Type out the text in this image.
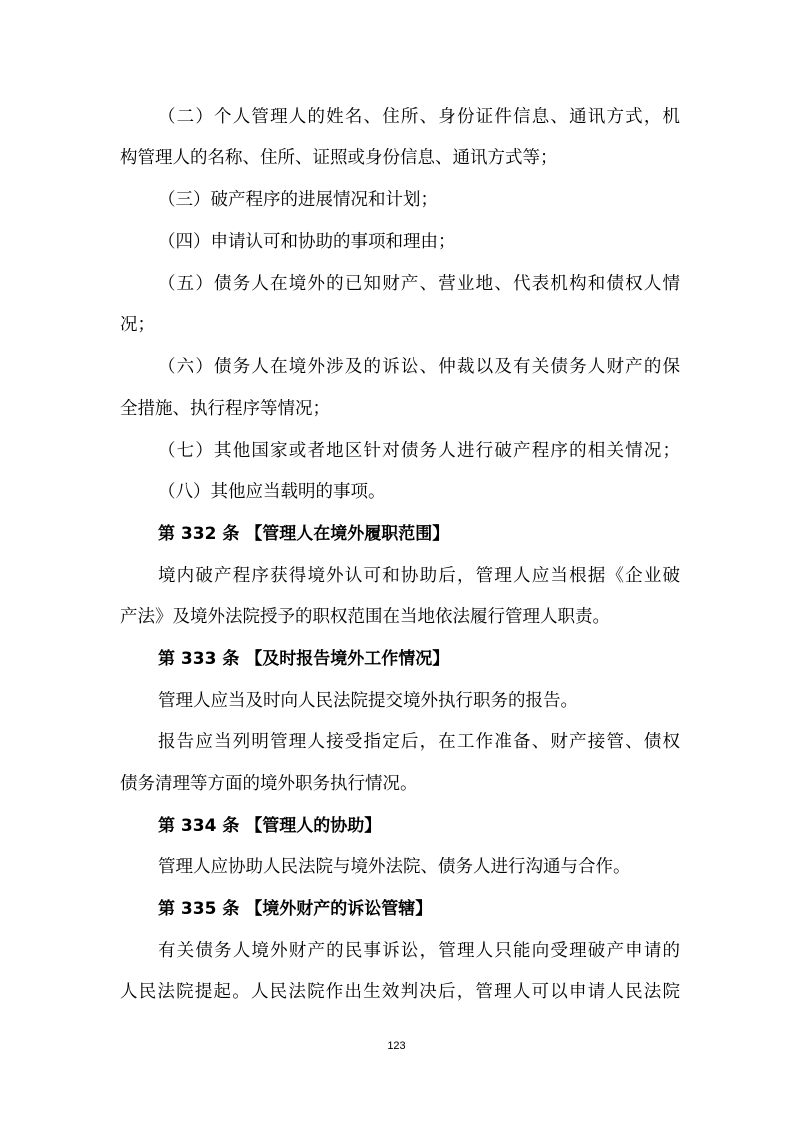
（二）个人管理人的姓名、住所、身份证件信息、通讯方式，机
构管理人的名称、住所、证照或身份信息、通讯方式等；
（三）破产程序的进展情况和计划；
（四）申请认可和协助的事项和理由；
（五）债务人在境外的已知财产、营业地、代表机构和债权人情
况；
（六）债务人在境外涉及的诉讼、仲裁以及有关债务人财产的保
全措施、执行程序等情况；
（七）其他国家或者地区针对债务人进行破产程序的相关情况；
（八）其他应当载明的事项。
第 332 条 【管理人在境外履职范围】
境内破产程序获得境外认可和协助后，管理人应当根据《企业破
产法》及境外法院授予的职权范围在当地依法履行管理人职责。
第 333 条 【及时报告境外工作情况】
管理人应当及时向人民法院提交境外执行职务的报告。
报告应当列明管理人接受指定后，在工作准备、财产接管、债权
债务清理等方面的境外职务执行情况。
第 334 条 【管理人的协助】
管理人应协助人民法院与境外法院、债务人进行沟通与合作。
第 335 条 【境外财产的诉讼管辖】
有关债务人境外财产的民事诉讼，管理人只能向受理破产申请的
人民法院提起。人民法院作出生效判决后，管理人可以申请人民法院
123
